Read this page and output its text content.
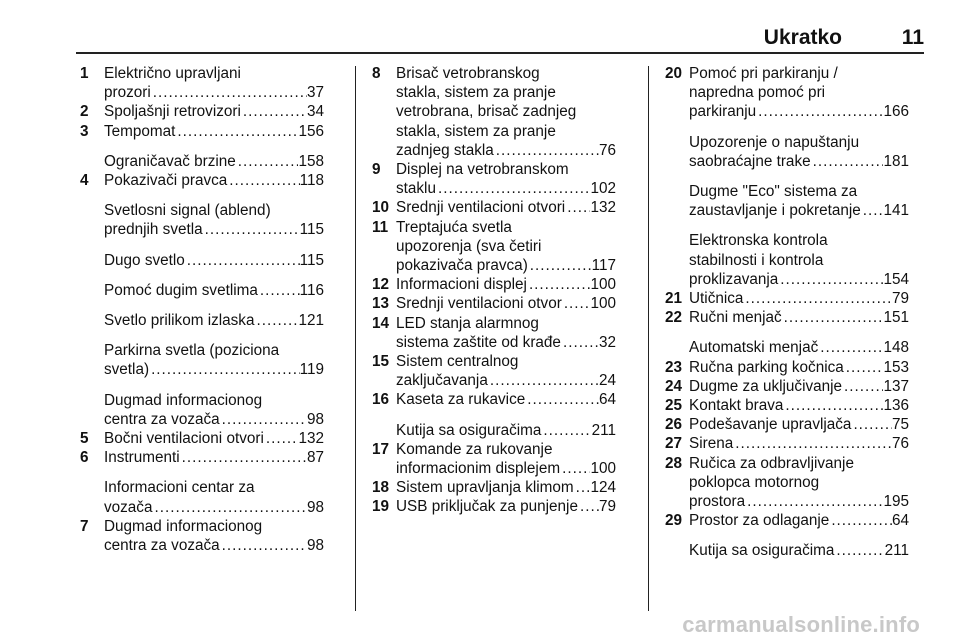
Ukratko	11
1 Električno upravljani
prozori .....	37
2 Spoljašnji retrovizori .....	34
3 Tempomat .....	156
Ograničavač brzine .....	158
4 Pokazivači pravca .....	118
Svetlosni signal (ablend)
prednjih svetla .....	115
Dugo svetlo .....	115
Pomoć dugim svetlima .....	116
Svetlo prilikom izlaska .....	121
Parkirna svetla (poziciona
svetla) .....	119
Dugmad informacionog
centra za vozača .....	98
5 Bočni ventilacioni otvori ..... 132
6 Instrumenti .....	87
Informacioni centar za
vozača .....	98
7 Dugmad informacionog
centra za vozača .....	98
8 Brisač vetrobranskog
stakla, sistem za pranje
vetrobrana, brisač zadnjeg
stakla, sistem za pranje
zadnjeg stakla .....	76
9 Displej na vetrobranskom
staklu .....	102
10 Srednji ventilacioni otvori ..... 132
11 Treptajuća svetla
upozorenja (sva četiri
pokazivača pravca) .....	117
12 Informacioni displej .....	100
13 Srednji ventilacioni otvor ..... 100
14 LED stanja alarmnog
sistema zaštite od krađe ..... 32
15 Sistem centralnog
zaključavanja .....	24
16 Kaseta za rukavice .....	64
Kutija sa osiguračima .....	211
17 Komande za rukovanje
informacionim displejem ..... 100
18 Sistem upravljanja klimom ..... 124
19 USB priključak za punjenje ..... 79
20 Pomoć pri parkiranju /
napredna pomoć pri
parkiranju .....	166
Upozorenje o napuštanju
saobraćajne trake .....	181
Dugme "Eco" sistema za
zaustavljanje i pokretanje ..... 141
Elektronska kontrola
stabilnosti i kontrola
proklizavanja .....	154
21 Utičnica .....	79
22 Ručni menjač .....	151
Automatski menjač .....	148
23 Ručna parking kočnica .....	153
24 Dugme za uključivanje .....	137
25 Kontakt brava .....	136
26 Podešavanje upravljača .....	75
27 Sirena .....	76
28 Ručica za odbravljivanje
poklopca motornog
prostora .....	195
29 Prostor za odlaganje .....	64
Kutija sa osiguračima .....	211
carmanualsonline.info
